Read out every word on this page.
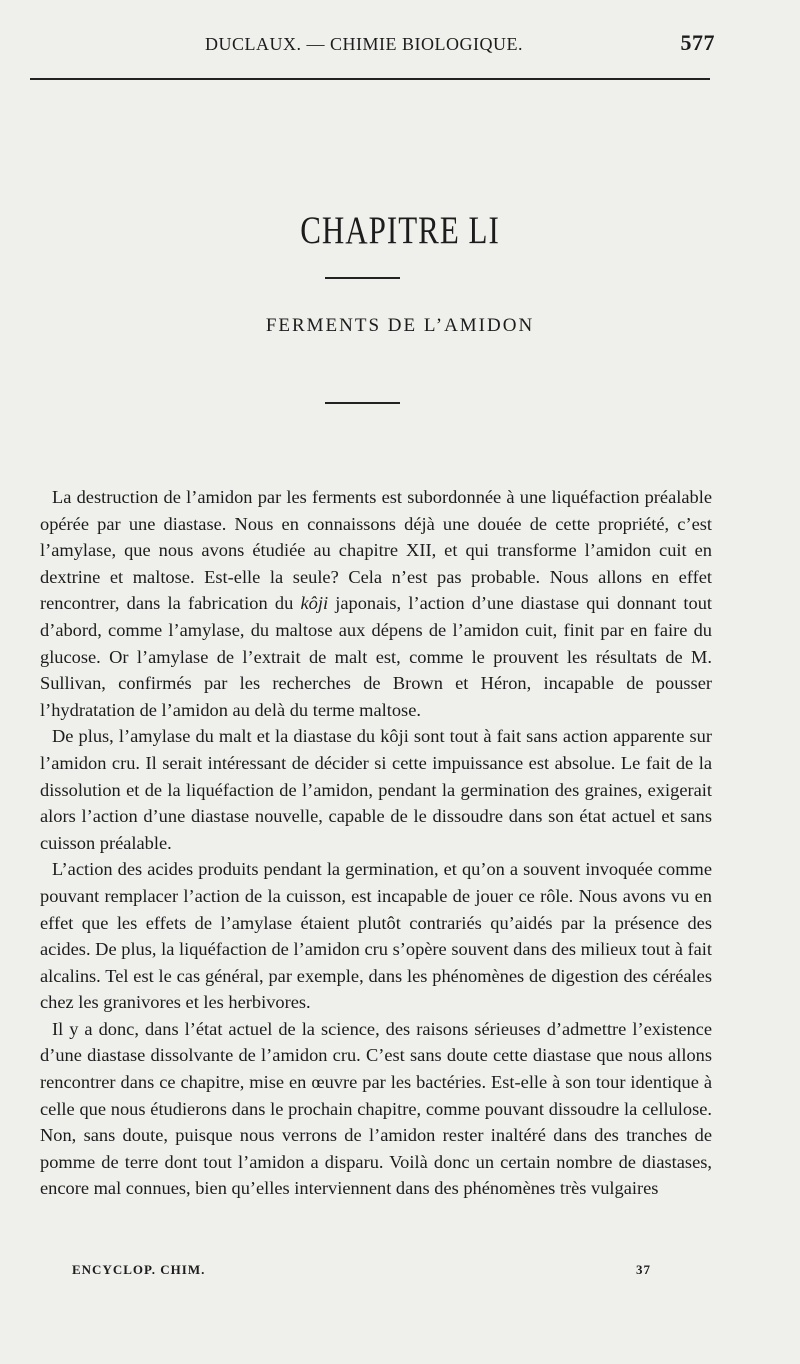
DUCLAUX. — CHIMIE BIOLOGIQUE.	577
CHAPITRE LI
FERMENTS DE L’AMIDON

La destruction de l’amidon par les ferments est subordonnée à une liquéfaction préalable opérée par une diastase. Nous en connaissons déjà une douée de cette propriété, c’est l’amylase, que nous avons étudiée au chapitre XII, et qui transforme l’amidon cuit en dextrine et maltose. Est-elle la seule? Cela n’est pas probable. Nous allons en effet rencontrer, dans la fabrication du kôji japonais, l’action d’une diastase qui donnant tout d’abord, comme l’amylase, du maltose aux dépens de l’amidon cuit, finit par en faire du glucose. Or l’amylase de l’extrait de malt est, comme le prouvent les résultats de M. Sullivan, confirmés par les recherches de Brown et Héron, incapable de pousser l’hydratation de l’amidon au delà du terme maltose.

De plus, l’amylase du malt et la diastase du kôji sont tout à fait sans action apparente sur l’amidon cru. Il serait intéressant de décider si cette impuissance est absolue. Le fait de la dissolution et de la liquéfaction de l’amidon, pendant la germination des graines, exigerait alors l’action d’une diastase nouvelle, capable de le dissoudre dans son état actuel et sans cuisson préalable.

L’action des acides produits pendant la germination, et qu’on a souvent invoquée comme pouvant remplacer l’action de la cuisson, est incapable de jouer ce rôle. Nous avons vu en effet que les effets de l’amylase étaient plutôt contrariés qu’aidés par la présence des acides. De plus, la liquéfaction de l’amidon cru s’opère souvent dans des milieux tout à fait alcalins. Tel est le cas général, par exemple, dans les phénomènes de digestion des céréales chez les granivores et les herbivores.

Il y a donc, dans l’état actuel de la science, des raisons sérieuses d’admettre l’existence d’une diastase dissolvante de l’amidon cru. C’est sans doute cette diastase que nous allons rencontrer dans ce chapitre, mise en œuvre par les bactéries. Est-elle à son tour identique à celle que nous étudierons dans le prochain chapitre, comme pouvant dissoudre la cellulose. Non, sans doute, puisque nous verrons de l’amidon rester inaltéré dans des tranches de pomme de terre dont tout l’amidon a disparu. Voilà donc un certain nombre de diastases, encore mal connues, bien qu’elles interviennent dans des phénomènes très vulgaires

ENCYCLOP. CHIM.	37
